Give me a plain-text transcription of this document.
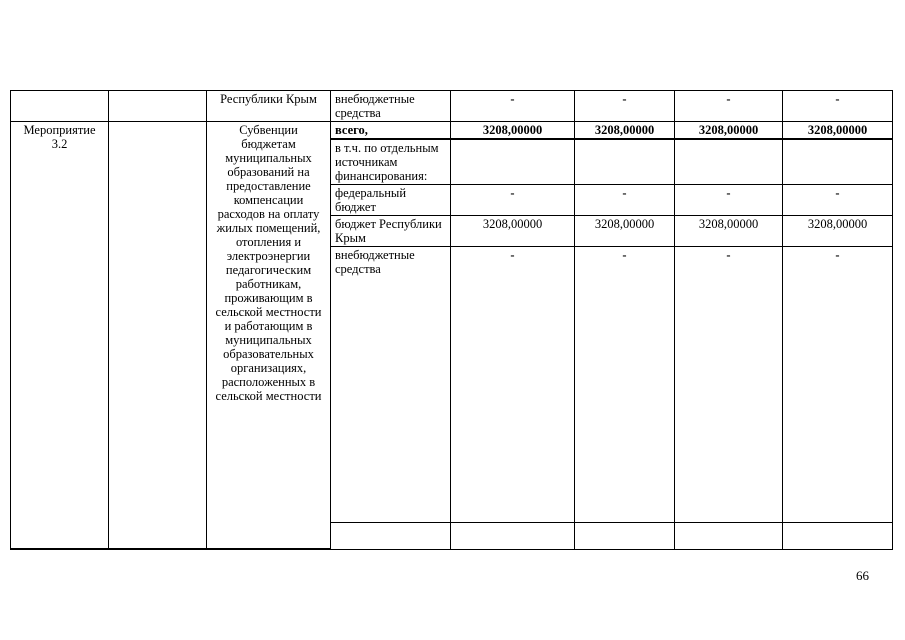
		Республики Крым	внебюджетные средства	-	-	-	-
Мероприятие 3.2		Субвенции бюджетам муниципальных образований на предоставление компенсации расходов на оплату жилых помещений, отопления и электроэнергии педагогическим работникам, проживающим в сельской местности и работающим в муниципальных образовательных организациях, расположенных в сельской местности	всего,	3208,00000	3208,00000	3208,00000	3208,00000
			в т.ч. по отдельным источникам финансирования:				
			федеральный бюджет	-	-	-	-
			бюджет Республики Крым	3208,00000	3208,00000	3208,00000	3208,00000
			внебюджетные средства	-	-	-	-

66
